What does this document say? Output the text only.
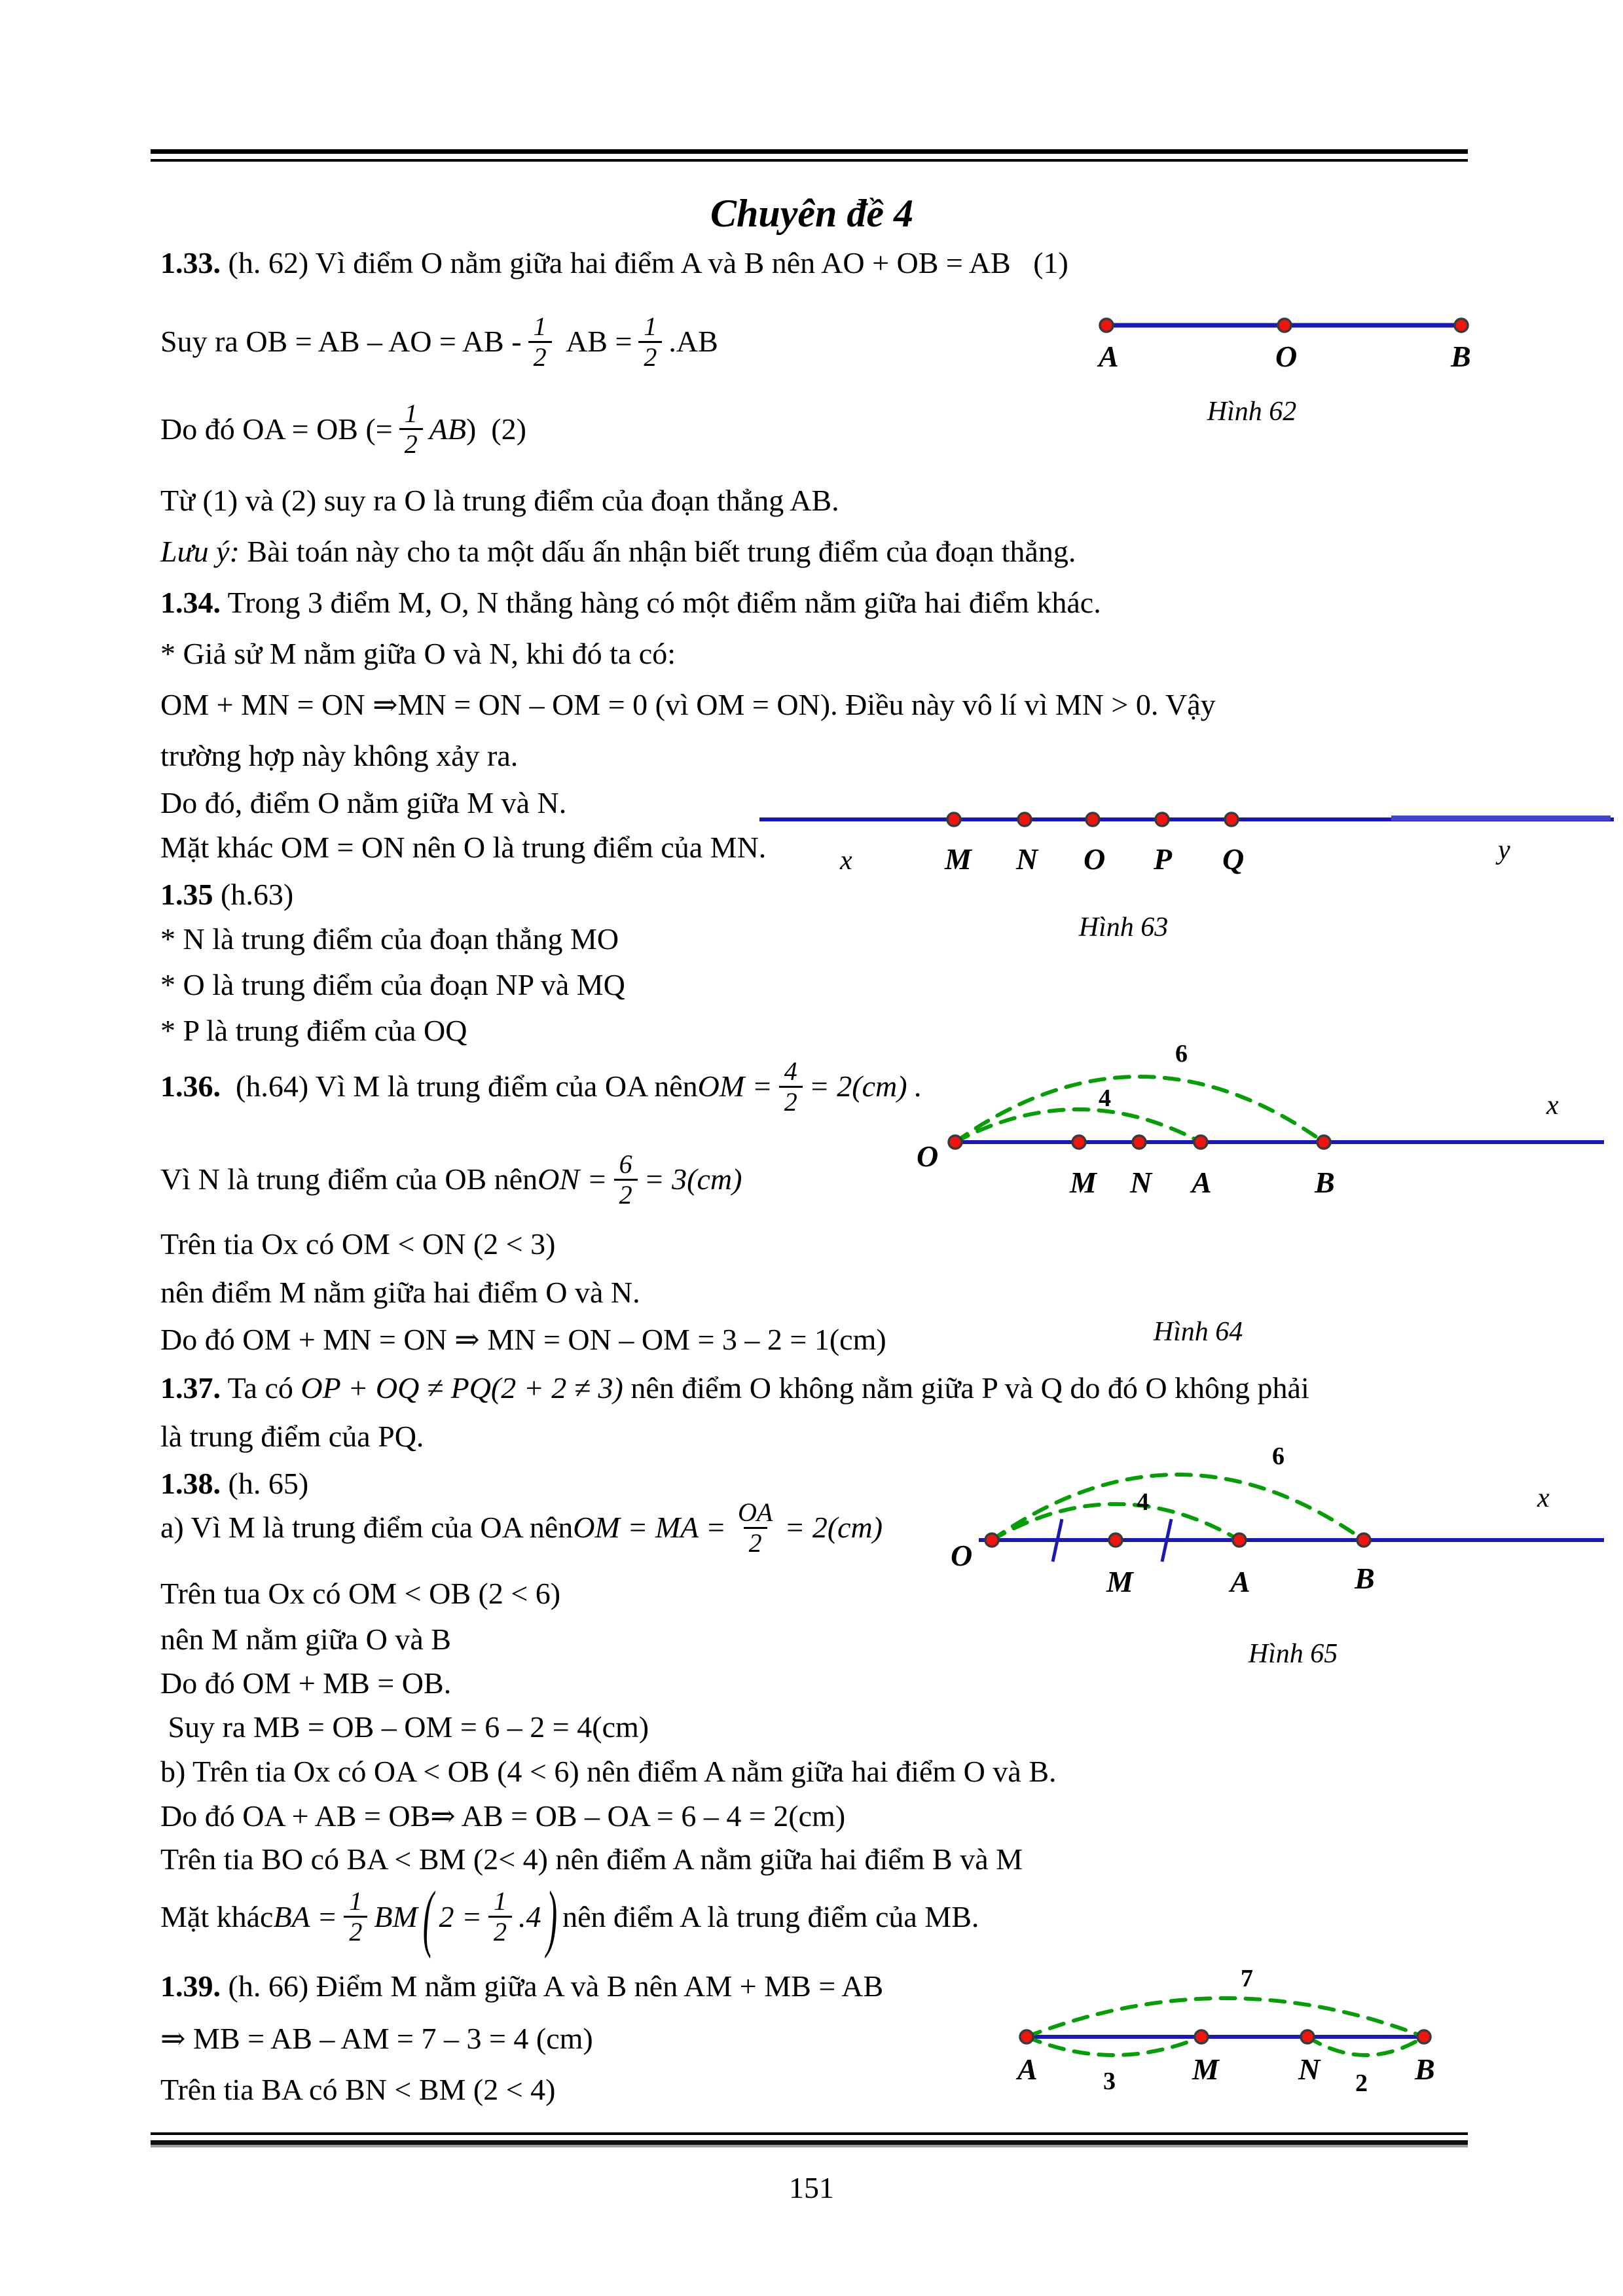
Chuyên đề 4
1.33. (h. 62) Vì điểm O nằm giữa hai điểm A và B nên AO + OB = AB   (1)
Suy ra OB = AB – AO = AB - $\frac{1}{2}$ AB = $\frac{1}{2} .AB$
Do đó OA = OB (= $\frac{1}{2}$ AB )  (2)
Từ (1) và (2) suy ra O là trung điểm của đoạn thẳng AB.
Lưu ý: Bài toán này cho ta một dấu ấn nhận biết trung điểm của đoạn thẳng.
1.34. Trong 3 điểm M, O, N thẳng hàng có một điểm nằm giữa hai điểm khác.
* Giả sử M nằm giữa O và N, khi đó ta có:
OM + MN = ON ⇒MN = ON – OM = 0 (vì OM = ON). Điều này vô lí vì MN > 0. Vậy
trường hợp này không xảy ra.
Do đó, điểm O nằm giữa M và N.
Mặt khác OM = ON nên O là trung điểm của MN.
1.35 (h.63)
* N là trung điểm của đoạn thẳng MO
* O là trung điểm của đoạn NP và MQ
* P là trung điểm của OQ
1.36. (h.64) Vì M là trung điểm của OA nên OM = $\frac{4}{2} = 2(cm)$ .
Vì N là trung điểm của OB nên ON = $\frac{6}{2} = 3(cm)$
Trên tia Ox có OM < ON (2 < 3)
nên điểm M nằm giữa hai điểm O và N.
Do đó OM + MN = ON ⇒ MN = ON – OM = 3 – 2 = 1(cm)
1.37. Ta có OP + OQ ≠ PQ(2 + 2 ≠ 3) nên điểm O không nằm giữa P và Q do đó O không phải
là trung điểm của PQ.
1.38. (h. 65)
a) Vì M là trung điểm của OA nên OM = MA = $\frac{OA}{2} = 2(cm)$
Trên tua Ox có OM < OB (2 < 6)
nên M nằm giữa O và B
Do đó OM + MB = OB.
Suy ra MB = OB – OM = 6 – 2 = 4(cm)
b) Trên tia Ox có OA < OB (4 < 6) nên điểm A nằm giữa hai điểm O và B.
Do đó OA + AB = OB⇒ AB = OB – OA = 6 – 4 = 2(cm)
Trên tia BO có BA < BM (2< 4) nên điểm A nằm giữa hai điểm B và M
Mặt khác BA = $\frac{1}{2}$ BM ( $2 = \frac{1}{2} .4$ ) nên điểm A là trung điểm của MB.
1.39. (h. 66) Điểm M nằm giữa A và B nên AM + MB = AB
⇒ MB = AB – AM = 7 – 3 = 4 (cm)
Trên tia BA có BN < BM (2 < 4)
A	O	B
Hình 62
x	M N O P Q	y
Hình 63
O
M N A	B
4
6
x
Hình 64
O
M	A	B
4
6
x
Hình 65
A	M	N	B
7
3	2
151
